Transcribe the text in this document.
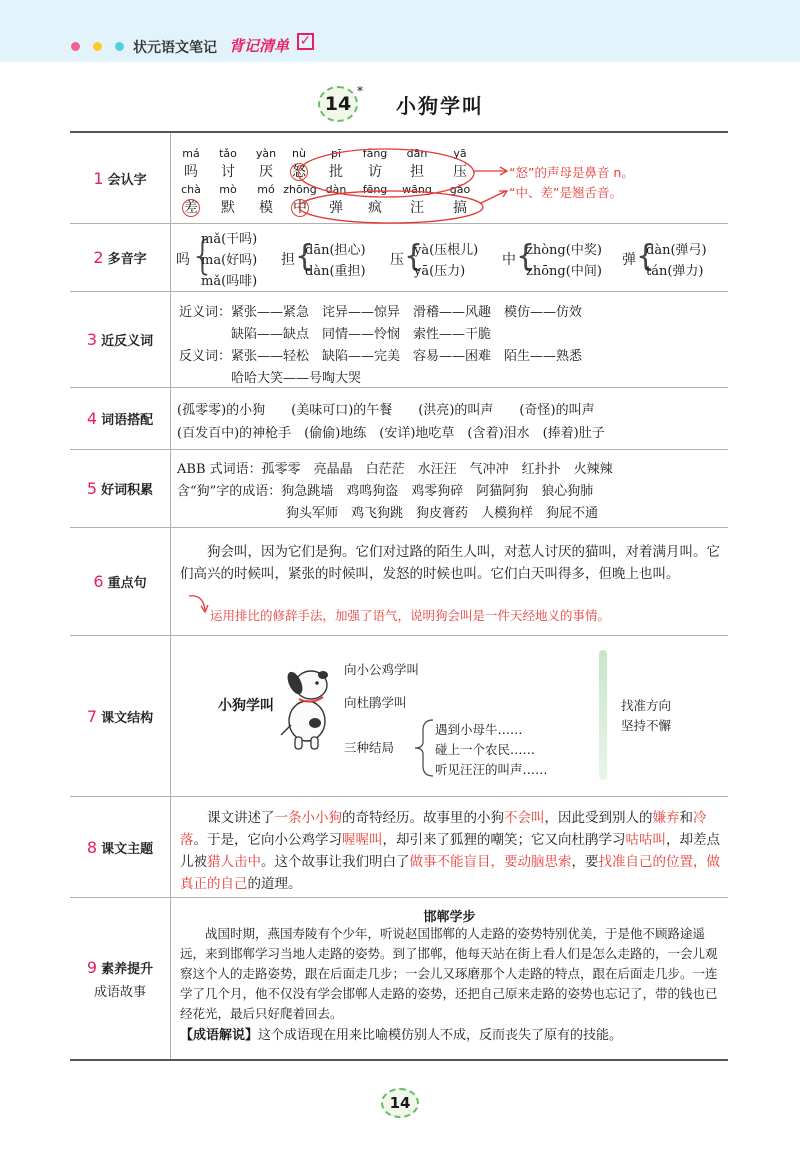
状元语文笔记 背记清单 ✓
14
*
小狗学叫
1 会认字
má
吗
tǎo
讨
yàn
厌
nù
怒
pī
批
fǎng
访
dān
担
yā
压
chà
差
mò
默
mó
模
zhōng
中
dàn
弹
fēng
疯
wāng
汪
gǎo
搞
“怒”的声母是鼻音 n。
“中、差”是翘舌音。
2 多音字 吗 {
mǎ(干吗)
ma(好吗)
mǎ(吗啡)
担 {
dān(担心)
dàn(重担)
压 {
yà(压根儿)
yā(压力)
中 {
zhòng(中奖)
zhōng(中间)
弹 {
dàn(弹弓)
tán(弹力)
3 近反义词
近义词：紧张——紧急　诧异——惊异　滑稽——风趣　模仿——仿效
缺陷——缺点　同情——怜悯　索性——干脆
反义词：紧张——轻松　缺陷——完美　容易——困难　陌生——熟悉
哈哈大笑——号啕大哭
4 词语搭配
(孤零零)的小狗　　(美味可口)的午餐　　(洪亮)的叫声　　(奇怪)的叫声
(百发百中)的神枪手　(偷偷)地练　(安详)地吃草　(含着)泪水　(捧着)肚子
5 好词积累
ABB 式词语：孤零零　亮晶晶　白茫茫　水汪汪　气冲冲　红扑扑　火辣辣
含“狗”字的成语：狗急跳墙　鸡鸣狗盗　鸡零狗碎　阿猫阿狗　狼心狗肺
狗头军师　鸡飞狗跳　狗皮膏药　人模狗样　狗屁不通
6 重点句
狗会叫，因为它们是狗。它们对过路的陌生人叫，对惹人讨厌的猫叫，对着满月叫。它们高兴的时候叫，紧张的时候叫，发怒的时候也叫。它们白天叫得多，但晚上也叫。
运用排比的修辞手法，加强了语气，说明狗会叫是一件天经地义的事情。
7 课文结构
小狗学叫
向小公鸡学叫
向杜鹃学叫
三种结局
遇到小母牛……
碰上一个农民……
听见汪汪的叫声……
找准方向
坚持不懈
8 课文主题
课文讲述了一条小小狗的奇特经历。故事里的小狗不会叫，因此受到别人的嫌弃和冷落。于是，它向小公鸡学习喔喔叫，却引来了狐狸的嘲笑；它又向杜鹃学习咕咕叫，却差点儿被猎人击中。这个故事让我们明白了做事不能盲目，要动脑思索，要找准自己的位置，做真正的自己的道理。
9 素养提升
成语故事
邯郸学步
战国时期，燕国寿陵有个少年，听说赵国邯郸的人走路的姿势特别优美，于是他不顾路途遥远，来到邯郸学习当地人走路的姿势。到了邯郸，他每天站在街上看人们是怎么走路的，一会儿观察这个人的走路姿势，跟在后面走几步；一会儿又琢磨那个人走路的特点，跟在后面走几步。一连学了几个月，他不仅没有学会邯郸人走路的姿势，还把自己原来走路的姿势也忘记了，带的钱也已经花光，最后只好爬着回去。
【成语解说】这个成语现在用来比喻模仿别人不成，反而丧失了原有的技能。
14
